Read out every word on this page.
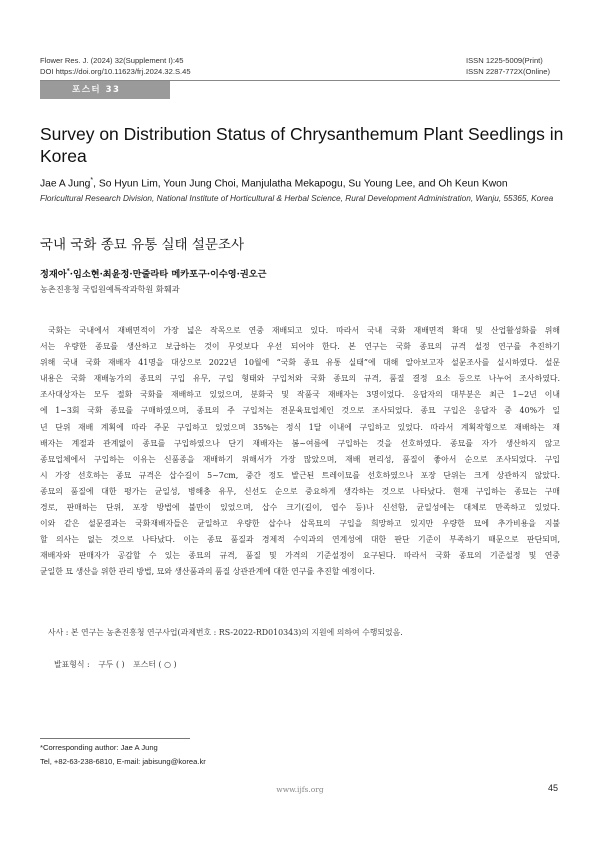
Flower Res. J. (2024) 32(Supplement I):45
DOI https://doi.org/10.11623/frj.2024.32.S.45
ISSN 1225-5009(Print)
ISSN 2287-772X(Online)
포스터 33
Survey on Distribution Status of Chrysanthemum Plant Seedlings in Korea
Jae A Jung*, So Hyun Lim, Youn Jung Choi, Manjulatha Mekapogu, Su Young Lee, and Oh Keun Kwon
Floricultural Research Division, National Institute of Horticultural & Herbal Science, Rural Development Administration, Wanju, 55365, Korea
국내 국화 종묘 유통 실태 설문조사
정재아*·임소현·최윤정·만줄라타 메카포구·이수영·권오근
농촌진흥청 국립원예특작과학원 화훼과
국화는 국내에서 재배면적이 가장 넓은 작목으로 연중 재배되고 있다. 따라서 국내 국화 재배면적 확대 및 산업활성화를 위해
서는 우량한 종묘를 생산하고 보급하는 것이 무엇보다 우선 되어야 한다. 본 연구는 국화 종묘의 규격 설정 연구를 추진하기
위해 국내 국화 재배자 41명을 대상으로 2022년 10월에 “국화 종묘 유통 실태”에 대해 알아보고자 설문조사를 실시하였다. 설문
내용은 국화 재배농가의 종묘의 구입 유무, 구입 형태와 구입처와 국화 종묘의 규격, 품질 결정 요소 등으로 나누어 조사하였다.
조사대상자는 모두 절화 국화를 재배하고 있었으며, 분화국 및 작품국 재배자는 3명이었다. 응답자의 대부분은 최근 1~2년 이내
에 1~3회 국화 종묘를 구매하였으며, 종묘의 주 구입처는 전문육묘업체인 것으로 조사되었다. 종묘 구입은 응답자 중 40%가 일
년 단위 재배 계획에 따라 주문 구입하고 있었으며 35%는 정식 1달 이내에 구입하고 있었다. 따라서 계획작형으로 재배하는 재
배자는 계절과 관계없이 종묘를 구입하였으나 단기 재배자는 봄~여름에 구입하는 것을 선호하였다. 종묘를 자가 생산하지 않고
종묘업체에서 구입하는 이유는 신품종을 재배하기 위해서가 가장 많았으며, 재배 편리성, 품질이 좋아서 순으로 조사되었다. 구입
시 가장 선호하는 종묘 규격은 삽수길이 5~7cm, 중간 정도 발근된 트레이묘를 선호하였으나 포장 단위는 크게 상관하지 않았다.
종묘의 품질에 대한 평가는 균일성, 병해충 유무, 신선도 순으로 중요하게 생각하는 것으로 나타났다. 현재 구입하는 종묘는 구매
경로, 판매하는 단위, 포장 방법에 불만이 있었으며, 삽수 크기(길이, 엽수 등)나 신선함, 균일성에는 대체로 만족하고 있었다.
이와 같은 설문결과는 국화재배자들은 균일하고 우량한 삽수나 삽목묘의 구입을 희망하고 있지만 우량한 묘에 추가비용을 지불
할 의사는 없는 것으로 나타났다. 이는 종묘 품질과 경제적 수익과의 연계성에 대한 판단 기준이 부족하기 때문으로 판단되며,
재배자와 판매자가 공감할 수 있는 종묘의 규격, 품질 및 가격의 기준설정이 요구된다. 따라서 국화 종묘의 기준설정 및 연중
균일한 묘 생산을 위한 관리 방법, 묘와 생산품과의 품질 상관관계에 대한 연구를 추진할 예정이다.
사사 : 본 연구는 농촌진흥청 연구사업(과제번호 : RS-2022-RD010343)의 지원에 의하여 수행되었음.
발표형식 : 구두 ( ) 포스터 ( ○ )
*Corresponding author: Jae A Jung
Tel, +82-63-238-6810, E-mail: jabisung@korea.kr
www.ijfs.org	45
